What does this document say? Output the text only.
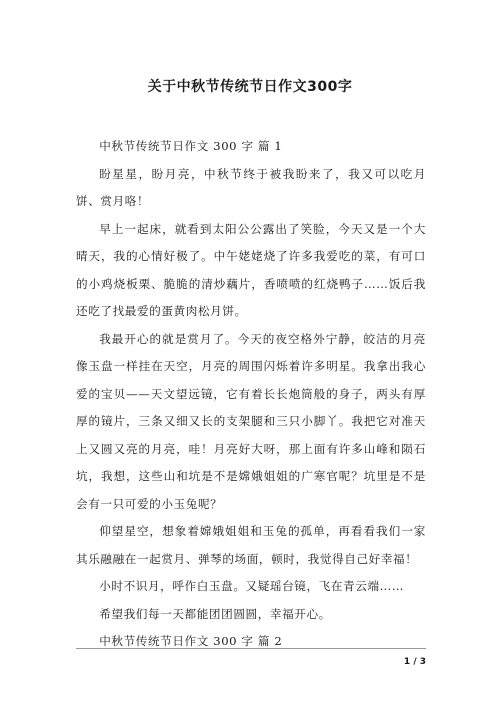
关于中秋节传统节日作文300字

中秋节传统节日作文 300 字 篇 1

盼星星，盼月亮，中秋节终于被我盼来了，我又可以吃月饼、赏月咯！

早上一起床，就看到太阳公公露出了笑脸，今天又是一个大晴天，我的心情好极了。中午姥姥烧了许多我爱吃的菜，有可口的小鸡烧板栗、脆脆的清炒藕片，香喷喷的红烧鸭子……饭后我还吃了找最爱的蛋黄肉松月饼。

我最开心的就是赏月了。今天的夜空格外宁静，皎洁的月亮像玉盘一样挂在天空，月亮的周围闪烁着许多明星。我拿出我心爱的宝贝——天文望远镜，它有着长长炮筒般的身子，两头有厚厚的镜片，三条又细又长的支架腿和三只小脚丫。我把它对准天上又圆又亮的月亮，哇！月亮好大呀，那上面有许多山峰和陨石坑，我想，这些山和坑是不是嫦娥姐姐的广寒官呢？坑里是不是会有一只可爱的小玉兔呢？

仰望星空，想象着嫦娥姐姐和玉兔的孤单，再看看我们一家其乐融融在一起赏月、弹琴的场面，顿时，我觉得自己好幸福！

小时不识月，呼作白玉盘。又疑瑶台镜，飞在青云端……

希望我们每一天都能团团圆圆，幸福开心。

中秋节传统节日作文 300 字 篇 2

1 / 3
